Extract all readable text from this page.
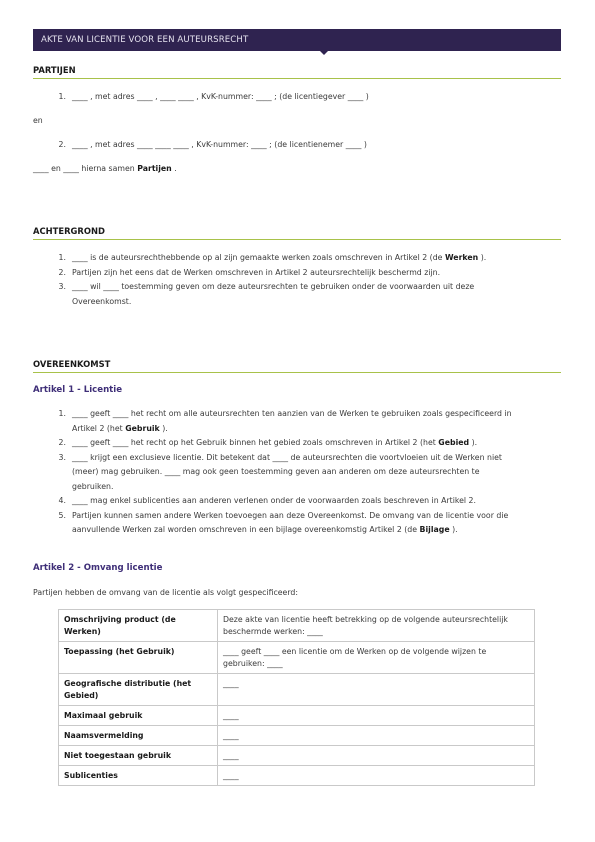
AKTE VAN LICENTIE VOOR EEN AUTEURSRECHT
PARTIJEN
1. ____ , met adres ____ , ____ ____ , KvK-nummer: ____ ; (de licentiegever ____ )
en
2. ____ , met adres ____ ____ ____ , KvK-nummer: ____ ; (de licentienemer ____ )
____ en ____ hierna samen Partijen .
ACHTERGROND
1. ____ is de auteursrechthebbende op al zijn gemaakte werken zoals omschreven in Artikel 2 (de Werken ).
2. Partijen zijn het eens dat de Werken omschreven in Artikel 2 auteursrechtelijk beschermd zijn.
3. ____ wil ____ toestemming geven om deze auteursrechten te gebruiken onder de voorwaarden uit deze
Overeenkomst.
OVEREENKOMST
Artikel 1 - Licentie
1. ____ geeft ____ het recht om alle auteursrechten ten aanzien van de Werken te gebruiken zoals gespecificeerd in
Artikel 2 (het Gebruik ).
2. ____ geeft ____ het recht op het Gebruik binnen het gebied zoals omschreven in Artikel 2 (het Gebied ).
3. ____ krijgt een exclusieve licentie. Dit betekent dat ____ de auteursrechten die voortvloeien uit de Werken niet
(meer) mag gebruiken. ____ mag ook geen toestemming geven aan anderen om deze auteursrechten te
gebruiken.
4. ____ mag enkel sublicenties aan anderen verlenen onder de voorwaarden zoals beschreven in Artikel 2.
5. Partijen kunnen samen andere Werken toevoegen aan deze Overeenkomst. De omvang van de licentie voor die
aanvullende Werken zal worden omschreven in een bijlage overeenkomstig Artikel 2 (de Bijlage ).
Artikel 2 - Omvang licentie
Partijen hebben de omvang van de licentie als volgt gespecificeerd:
Omschrijving product (de Werken)	Deze akte van licentie heeft betrekking op de volgende auteursrechtelijk beschermde werken: ____
Toepassing (het Gebruik)	____ geeft ____ een licentie om de Werken op de volgende wijzen te gebruiken: ____
Geografische distributie (het Gebied)	____
Maximaal gebruik	____
Naamsvermelding	____
Niet toegestaan gebruik	____
Sublicenties	____
